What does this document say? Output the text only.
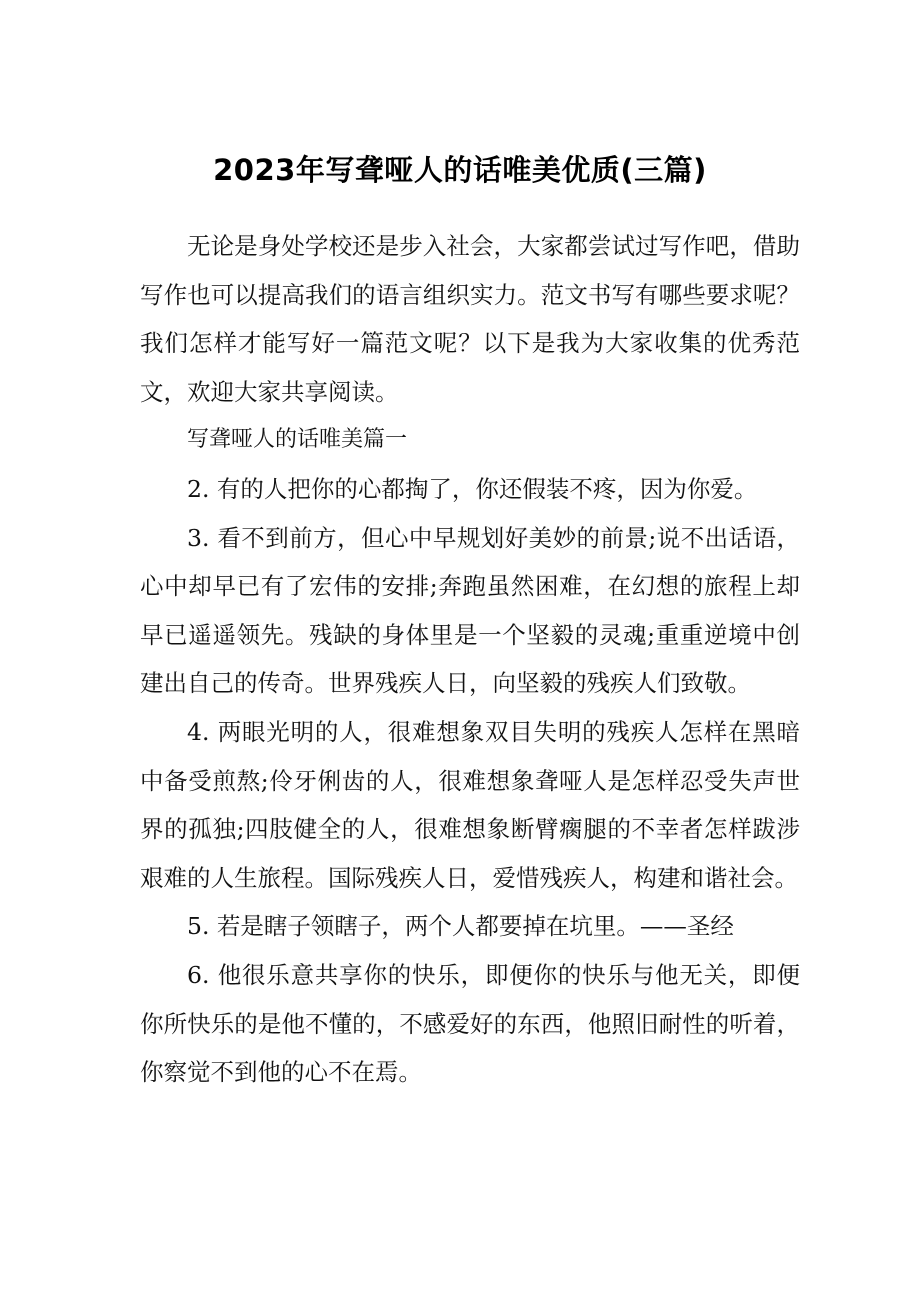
2023年写聋哑人的话唯美优质(三篇)

无论是身处学校还是步入社会，大家都尝试过写作吧，借助写作也可以提高我们的语言组织实力。范文书写有哪些要求呢？我们怎样才能写好一篇范文呢？以下是我为大家收集的优秀范文，欢迎大家共享阅读。

写聋哑人的话唯美篇一

2. 有的人把你的心都掏了，你还假装不疼，因为你爱。

3. 看不到前方，但心中早规划好美妙的前景;说不出话语，心中却早已有了宏伟的安排;奔跑虽然困难，在幻想的旅程上却早已遥遥领先。残缺的身体里是一个坚毅的灵魂;重重逆境中创建出自己的传奇。世界残疾人日，向坚毅的残疾人们致敬。

4. 两眼光明的人，很难想象双目失明的残疾人怎样在黑暗中备受煎熬;伶牙俐齿的人，很难想象聋哑人是怎样忍受失声世界的孤独;四肢健全的人，很难想象断臂瘸腿的不幸者怎样跋涉艰难的人生旅程。国际残疾人日，爱惜残疾人，构建和谐社会。

5. 若是瞎子领瞎子，两个人都要掉在坑里。——圣经

6. 他很乐意共享你的快乐，即便你的快乐与他无关，即便你所快乐的是他不懂的，不感爱好的东西，他照旧耐性的听着，你察觉不到他的心不在焉。
